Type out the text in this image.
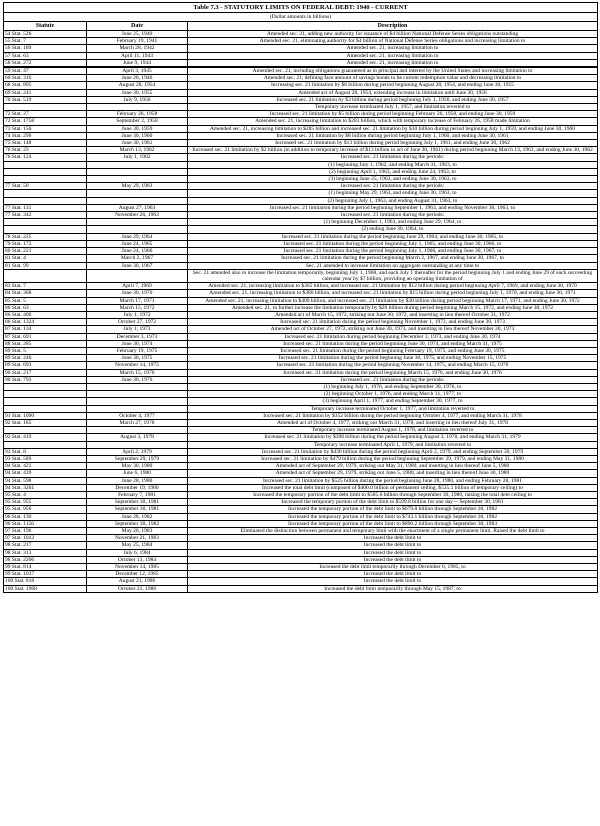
Table 7.3 - STATUTORY LIMITS ON FEDERAL DEBT: 1940 - CURRENT		
(Dollar amounts in billions)		
Statute	Date	Description
54 Stat. 526	June 25, 1940	Amended sec. 21, adding new authority for issuance of $4 billion National Defense Series obligations outstanding
55 Stat. 7	February 19, 1941	Amended sec. 21, eliminating authority for $4 billion of National Defense Series obligations and increasing limitation to
56 Stat. 189	March 28, 1942	Amended sec. 21, increasing limitation to
57 Stat. 63	April 11, 1943	Amended sec. 21, increasing limitation to
58 Stat. 272	June 9, 1944	Amended sec. 21, increasing limitation to

59 Stat. 47	April 3, 1945	Amended sec. 21, including obligations guaranteed as to principal and interest by the United States and increasing limitation to
60 Stat. 316	June 26, 1946	Amended sec. 21, defining face amount of savings bonds to be current redemption value and decreasing limitation to
68 Stat. 895	August 28, 1954	Increasing sec. 21 limitation by $6 billion during period beginning August 28, 1954, and ending June 30, 1955
69 Stat. 241	June 30, 1955	Amended act of August 28, 1954, extending increase in limitation until June 30, 1956
70 Stat. 519	July 9, 1956	Increased sec. 21 limitation by $3 billion during period beginning July 1, 1956, and ending June 30, 1957
		Temporary increase terminated July 1, 1957, and limitation reverted to
72 Stat. 27	February 26, 1958	Increased sec. 21 limitation by $5 billion during period beginning February 26, 1958, and ending June 30, 1959
72 Stat. 1758	September 2, 1958	Amended sec. 21, increasing limitation to $283 billion, which with temporary increase of February 26, 1958 made limitation
73 Stat. 156	June 30, 1959	Amended sec. 21, increasing limitation to $285 billion and increased sec. 21 limitation by $10 billion during period beginning July 1, 1959, and ending June 30, 1960
74 Stat. 290	June 30, 1960	Increased sec. 21 limitation by $8 billion during period beginning July 1, 1960, and ending June 30, 1961
75 Stat. 148	June 30, 1961	Increased sec. 21 limitation by $13 billion during period beginning July 1, 1961, and ending June 30, 1962
76 Stat. 23	March 13, 1962	Increased sec. 21 limitation by $2 billion (in addition to temporary increase of $13 billion in act of June 30, 1961) during period beginning March 13, 1962, and ending June 30, 1962
76 Stat. 124	July 1, 1962	Increased sec. 21 limitation during the periods:
		(1) beginning July 1, 1962, and ending March 31, 1963, to
		(2) beginning April 1, 1963, and ending June 24, 1963, to
		(3) beginning June 25, 1963, and ending June 30, 1963, to
77 Stat. 50	May 29, 1963	Increased sec. 21 limitation during the periods:
		(1) beginning May 29, 1963, and ending June 30, 1963, to
		(2) beginning July 1, 1963, and ending August 31, 1963, to
77 Stat. 131	August 27, 1963	Increased sec. 21 limitation during the period beginning September 1, 1963, and ending November 30, 1963, to
77 Stat. 342	November 26, 1963	Increased sec. 21 limitation during the periods:
		(1) beginning December 1, 1963, and ending June 29, 1964, to
		(2) ending June 30, 1964, to
78 Stat. 225	June 29, 1964	Increased sec. 21 limitation during the period beginning June 29, 1964, and ending June 30, 1965, to
79 Stat. 172	June 24, 1965	Increased sec. 21 limitation during the period beginning July 1, 1965, and ending June 30, 1966, to
80 Stat. 221	June 24, 1966	Increased sec. 21 limitation during the period beginning July 1, 1966, and ending June 30, 1967, to
81 Stat. 4	March 2, 1967	Increased sec. 21 limitation during the period beginning March 2, 1967, and ending June 30, 1967, to
81 Stat. 99	June 30, 1967	Sec. 21 amended to increase limitation on aggregate outstanding at any time to
		Sec. 21 amended also to increase the limitation temporarily, beginning July 1, 1968, and each July 1 thereafter for the period beginning July 1 and ending June 29 of each succeeding calendar year by $7 billion, providing an operating limitation of
83 Stat. 7	April 7, 1969	Amended sec. 21, increasing limitation to $365 billion, and increased sec. 21 limitation by $12 billion during period beginning April 7, 1969, and ending June 30, 1970
84 Stat. 368	June 30, 1970	Amended sec. 21, increasing limitation to $380 billion, and increased sec. 21 limitation by $15 billion during period beginning July 1, 1970, and ending June 30, 1971
85 Stat. 5	March 17, 1971	Amended sec. 21, increasing limitation to $400 billion, and increased sec. 21 limitation by $30 billion during period beginning March 17, 1971, and ending June 30, 1972
86 Stat. 63	March 15, 1972	Amended sec. 21, to further increase the limitation temporarily by $20 billion during period beginning March 15, 1972, and ending June 30, 1972
86 Stat. 406	July 1, 1972	Amended act of March 15, 1972, striking out June 30, 1972, and inserting in lieu thereof October 31, 1972
86 Stat. 1324	October 27, 1972	Increased sec. 21 limitation during the period beginning November 1, 1972, and ending June 30, 1973
87 Stat. 134	July 1, 1973	Amended act of October 27, 1972, striking out June 30, 1973, and inserting in lieu thereof November 30, 1973
87 Stat. 691	December 3, 1973	Increased sec. 21 limitation during period beginning December 3, 1973, and ending June 30, 1974
88 Stat. 285	June 30, 1974	Increased sec. 21 limitation during the period beginning June 30, 1974, and ending March 31, 1975
89 Stat. 5	February 19, 1975	Increased sec. 21 limitation during the period beginning February 19, 1975, and ending June 30, 1975
89 Stat. 246	June 30, 1975	Increased sec. 21 limitation during the period beginning June 30, 1975, and ending November 15, 1975
89 Stat. 693	November 14, 1975	Increased sec. 21 limitation during the period beginning November 14, 1975, and ending March 15, 1976
90 Stat. 217	March 15, 1976	Increased sec. 21 limitation during the period beginning March 15, 1976, and ending June 30, 1976
90 Stat. 793	June 30, 1976	Increased sec. 21 limitation during the periods:
		(1) beginning July 1, 1976, and ending September 30, 1976, to
		(2) beginning October 1, 1976, and ending March 31, 1977, to
		(3) beginning April 1, 1977, and ending September 30, 1977, to
		Temporary increase terminated October 1, 1977, and limitation reverted to
91 Stat. 1090	October 4, 1977	Increased sec. 21 limitation by $352 billion during the period beginning October 4, 1977, and ending March 31, 1978
92 Stat. 185	March 27, 1978	Amended act of October 4, 1977, striking out March 31, 1978, and inserting in lieu thereof July 31, 1978
		Temporary increase terminated August 1, 1978, and limitation reverted to
92 Stat. 419	August 3, 1978	Increased sec. 21 limitation by $398 billion during the period beginning August 3, 1978, and ending March 31, 1979
		Temporary increase terminated April 1, 1979, and limitation reverted to
93 Stat. 8	April 2, 1979	Increased sec. 21 limitation by $430 billion during the period beginning April 2, 1979, and ending September 30, 1979
93 Stat. 589	September 29, 1979	Increased sec. 21 limitation by $479 billion during the period beginning September 29, 1979, and ending May 31, 1980
94 Stat. 421	May 30, 1980	Amended act of September 29, 1979, striking out May 31, 1980, and inserting in lieu thereof June 5, 1980
94 Stat. 439	June 6, 1980	Amended act of September 29, 1979, striking out June 5, 1980, and inserting in lieu thereof June 30, 1980
94 Stat. 598	June 28, 1980	Increased sec. 21 limitation by $525 billion during the period beginning June 28, 1980, and ending February 28, 1981
94 Stat. 3261	December 19, 1980	Increased the total debt limit (composed of $400.0 billion of permanent ceiling, $535.1 billion of temporary ceiling) to
95 Stat. 4	February 7, 1981	Increased the temporary portion of the debt limit to $585.0 billion through September 30, 1980, raising the total debt ceiling to
95 Stat. 955	September 30, 1981	Increased the temporary portion of the debt limit to $599.8 billion for one day -- September 30, 1981
95 Stat. 956	September 30, 1981	Increased the temporary portion of the debt limit to $679.8 billion through September 30, 1982
96 Stat. 130	June 28, 1982	Increased the temporary portion of the debt limit to $743.1 billion through September 30, 1982
96 Stat. 1156	September 30, 1982	Increased the temporary portion of the debt limit to $890.2 billion through September 30, 1983
97 Stat. 196	May 26, 1983	Eliminated the distinction between permanent and temporary limit with the enactment of a single permanent limit. Raised the debt limit to
97 Stat. 1012	November 21, 1983	Increased the debt limit to
98 Stat. 217	May 25, 1984	Increased the debt limit to
98 Stat. 313	July 6, 1984	Increased the debt limit to
98 Stat. 2206	October 13, 1984	Increased the debt limit to
99 Stat. 814	November 14, 1985	Increased the debt limit temporarily through December 6, 1985, to
99 Stat. 1037	December 12, 1985	Increased the debt limit to
100 Stat. 818	August 21, 1986	Increased the debt limit to
100 Stat. 1968	October 21, 1986	Increased the debt limit temporarily through May 15, 1987, to
